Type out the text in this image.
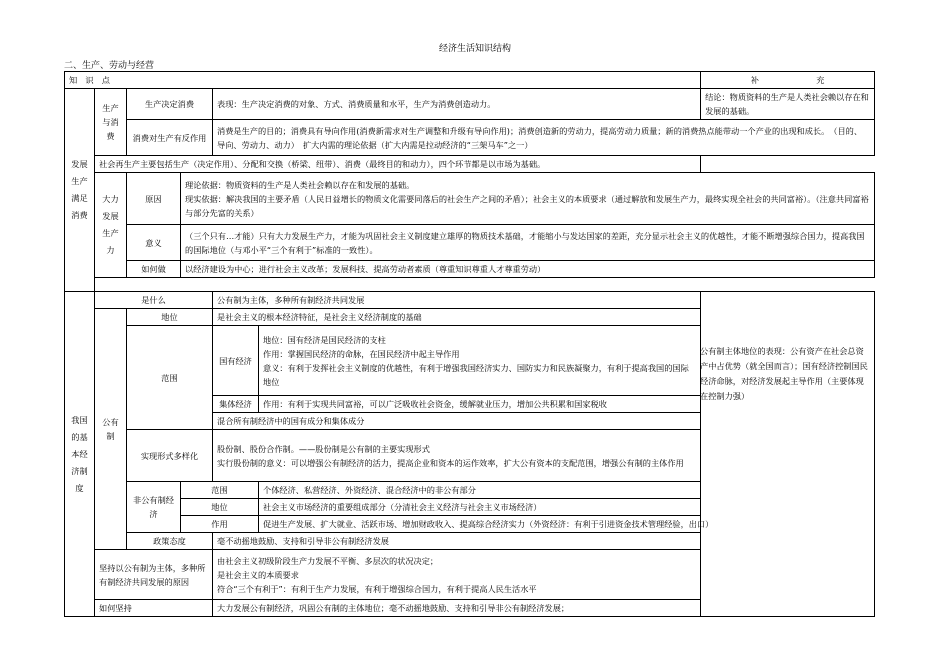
经济生活知识结构
二、生产、劳动与经营
知　识　点						补　　　　　　　充
发展生产满足消费	生产与消费	生产决定消费		表现：生产决定消费的对象、方式、消费质量和水平，生产为消费创造动力。		结论：物质资料的生产是人类社会赖以存在和发展的基础。
		消费对生产有反作用		消费是生产的目的；消费具有导向作用(消费新需求对生产调整和升级有导向作用)；消费创造新的劳动力，提高劳动力质量；新的消费热点能带动一个产业的出现和成长。　（目的、导向、劳动力、动力）　扩大内需的理论依据（扩大内需是拉动经济的“三架马车”之一）		
	社会再生产主要包括生产（决定作用）、分配和交换（桥梁、纽带）、消费（最终目的和动力），四个环节都是以市场为基础。					
	大力发展生产力	原因	理论依据：物质资料的生产是人类社会赖以存在和发展的基础。
现实依据：解决我国的主要矛盾（人民日益增长的物质文化需要同落后的社会生产之间的矛盾）；社会主义的本质要求（通过解放和发展生产力，最终实现全社会的共同富裕）。（注意共同富裕与部分先富的关系）			

		意义	（三个只有…才能）只有大力发展生产力，才能为巩固社会主义制度建立雄厚的物质技术基础，才能缩小与发达国家的差距，充分显示社会主义的优越性，才能不断增强综合国力，提高我国的国际地位（与邓小平“三个有利于”标准的一致性）。			
		如何做	以经济建设为中心；进行社会主义改革；发展科技、提高劳动者素质（尊重知识尊重人才尊重劳动）			

我国的基本经济制度	是什么			公有制为主体，多种所有制经济共同发展		
	公有制	地位		是社会主义的根本经济特征，是社会主义经济制度的基础		
		范围		国有经济	地位：国有经济是国民经济的支柱
作用：掌握国民经济的命脉，在国民经济中起主导作用
意义：有利于发挥社会主义制度的优越性，有利于增强我国经济实力、国防实力和民族凝聚力，有利于提高我国的国际地位	

				集体经济	作用：有利于实现共同富裕，可以广泛吸收社会资金，缓解就业压力，增加公共积累和国家税收	
				混合所有制经济中的国有成分和集体成分		
		实现形式多样化		股份制、股份合作制。——股份制是公有制的主要实现形式
实行股份制的意义：可以增强公有制经济的活力，提高企业和资本的运作效率，扩大公有资本的支配范围，增强公有制的主体作用		

		非公有制经济	范围		个体经济、私营经济、外资经济、混合经济中的非公有部分	
			地位		社会主义市场经济的重要组成部分（分清社会主义经济与社会主义市场经济）	
			作用		促进生产发展、扩大就业、活跃市场、增加财政收入、提高综合经济实力（外资经济：有利于引进资金技术管理经验，出口）	
		政策态度		毫不动摇地鼓励、支持和引导非公有制经济发展		
	坚持以公有制为主体，多种所有制经济共同发展的原因			由社会主义初级阶段生产力发展不平衡、多层次的状况决定；
是社会主义的本质要求
符合“三个有利于”：有利于生产力发展，有利于增强综合国力，有利于提高人民生活水平		

	如何坚持			大力发展公有制经济，巩固公有制的主体地位；毫不动摇地鼓励、支持和引导非公有制经济发展；		
公有制主体地位的表现：公有资产在社会总资产中占优势（就全国而言）；国有经济控制国民经济命脉，对经济发展起主导作用（主要体现在控制力强）
